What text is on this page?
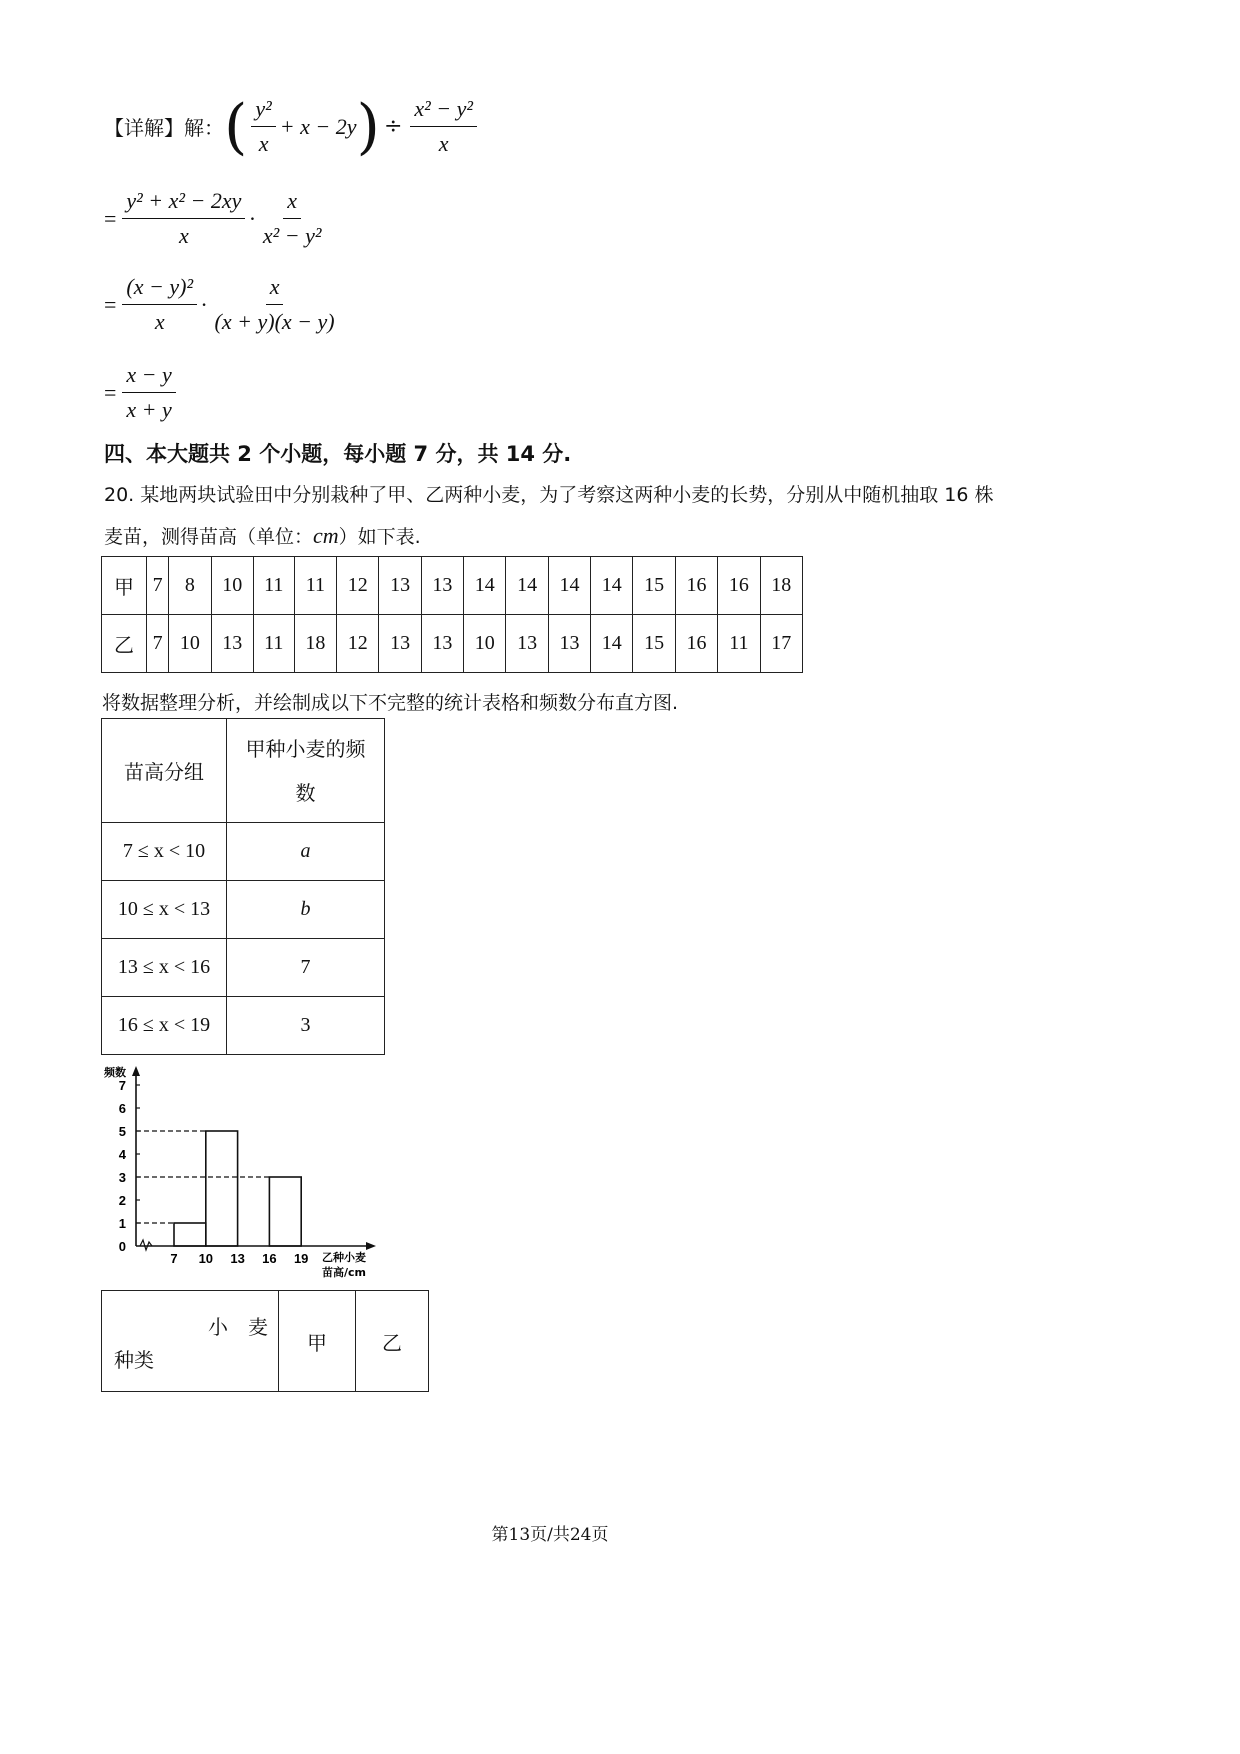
【详解】解： ( $\frac{\text{y²}}{x} + x - 2y$ ) ÷ $\frac{\text{x² − y²}}{x}$
= $\frac{\text{y² + x² − 2xy}}{x} \cdot \frac{x}{\text{x² − y²}}$
= $\frac{\text{(x − y)²}}{x} \cdot \frac{x}{(x + y)(x - y)}$
= $\frac{x - y}{x + y}$
四、本大题共 2 个小题，每小题 7 分，共 14 分.
20. 某地两块试验田中分别栽种了甲、乙两种小麦，为了考察这两种小麦的长势，分别从中随机抽取 16 株
麦苗，测得苗高（单位：cm）如下表.
甲	7	8	10	11	11	12	13	13	14	14	14	14	15	16	16	18
乙	7	10	13	11	18	12	13	13	10	13	13	14	15	16	11	17
将数据整理分析，并绘制成以下不完整的统计表格和频数分布直方图.
苗高分组	甲种小麦的频
数
7 ≤ x < 10	a
10 ≤ x < 13	b
13 ≤ x < 16	7
16 ≤ x < 19	3
0
1
2
3
4
5
6
7
频数
7 10 13 16 19 乙种小麦
苗高/cm
小　麦
种类
	甲	乙
第13页/共24页
